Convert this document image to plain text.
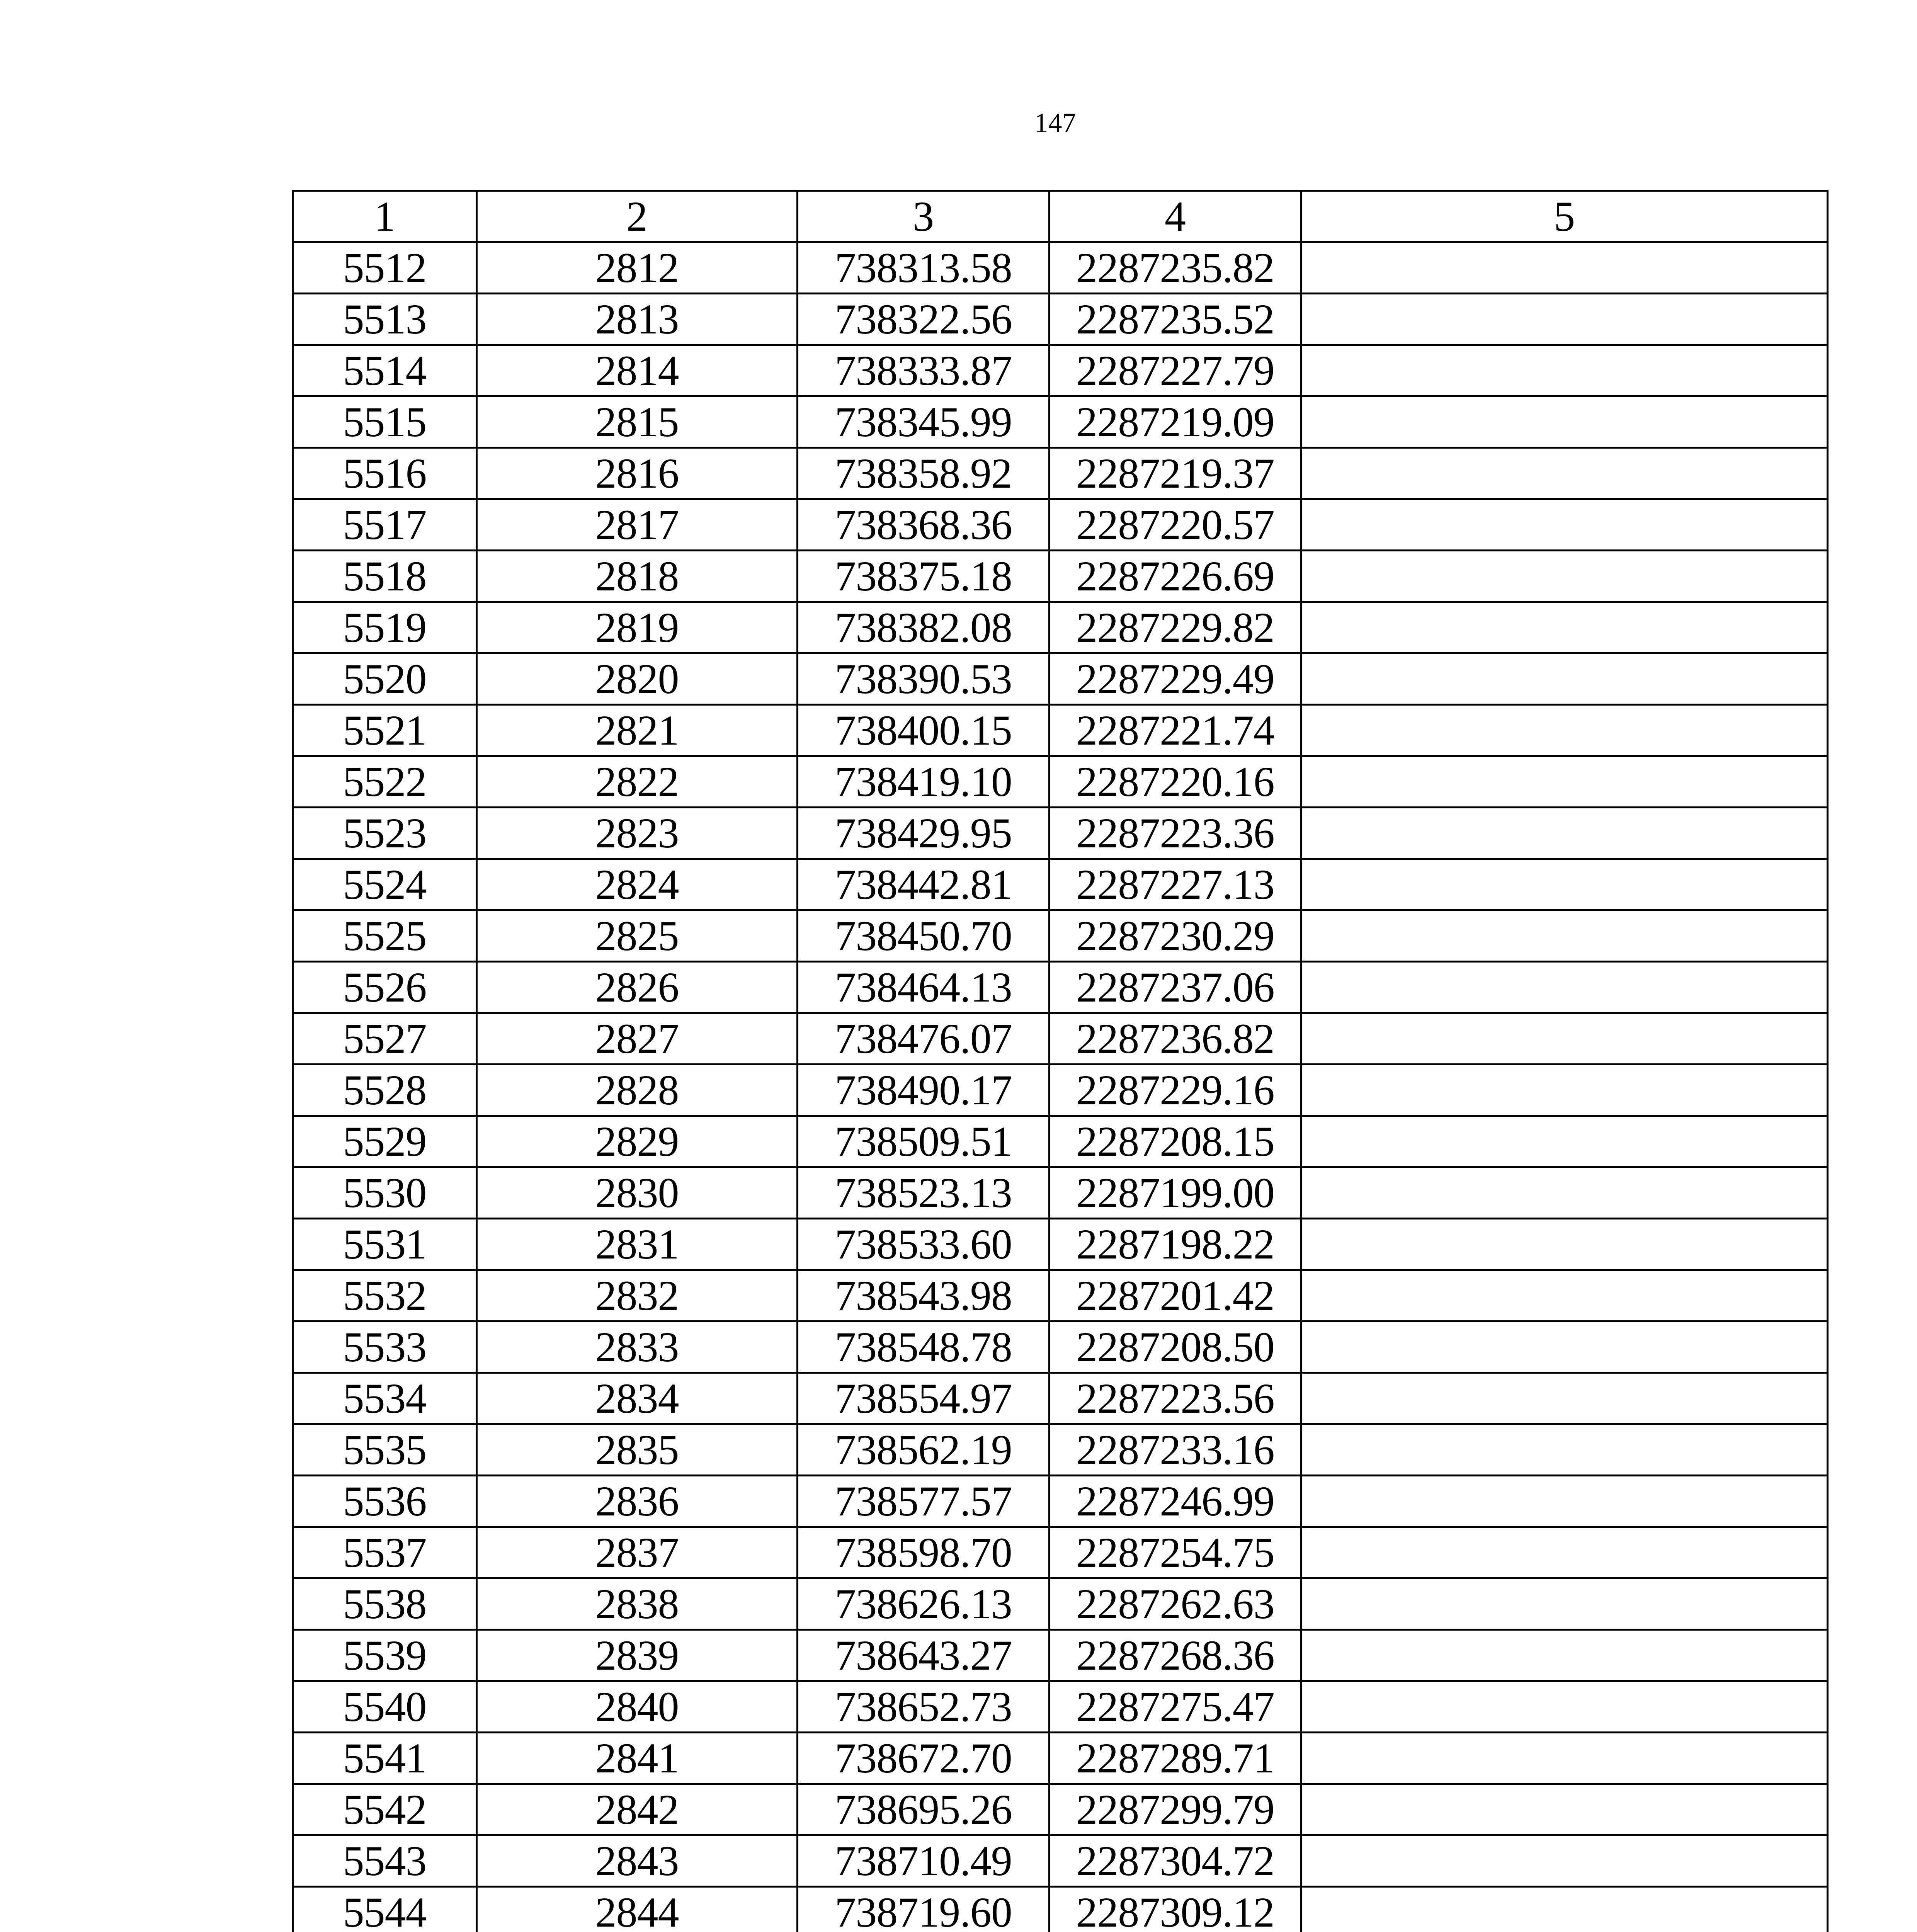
147
1	2	3	4	5
5512	2812	738313.58	2287235.82	
5513	2813	738322.56	2287235.52	
5514	2814	738333.87	2287227.79	
5515	2815	738345.99	2287219.09	
5516	2816	738358.92	2287219.37	
5517	2817	738368.36	2287220.57	
5518	2818	738375.18	2287226.69	
5519	2819	738382.08	2287229.82	
5520	2820	738390.53	2287229.49	
5521	2821	738400.15	2287221.74	
5522	2822	738419.10	2287220.16	
5523	2823	738429.95	2287223.36	
5524	2824	738442.81	2287227.13	
5525	2825	738450.70	2287230.29	
5526	2826	738464.13	2287237.06	
5527	2827	738476.07	2287236.82	
5528	2828	738490.17	2287229.16	
5529	2829	738509.51	2287208.15	
5530	2830	738523.13	2287199.00	
5531	2831	738533.60	2287198.22	
5532	2832	738543.98	2287201.42	
5533	2833	738548.78	2287208.50	
5534	2834	738554.97	2287223.56	
5535	2835	738562.19	2287233.16	
5536	2836	738577.57	2287246.99	
5537	2837	738598.70	2287254.75	
5538	2838	738626.13	2287262.63	
5539	2839	738643.27	2287268.36	
5540	2840	738652.73	2287275.47	
5541	2841	738672.70	2287289.71	
5542	2842	738695.26	2287299.79	
5543	2843	738710.49	2287304.72	
5544	2844	738719.60	2287309.12	
